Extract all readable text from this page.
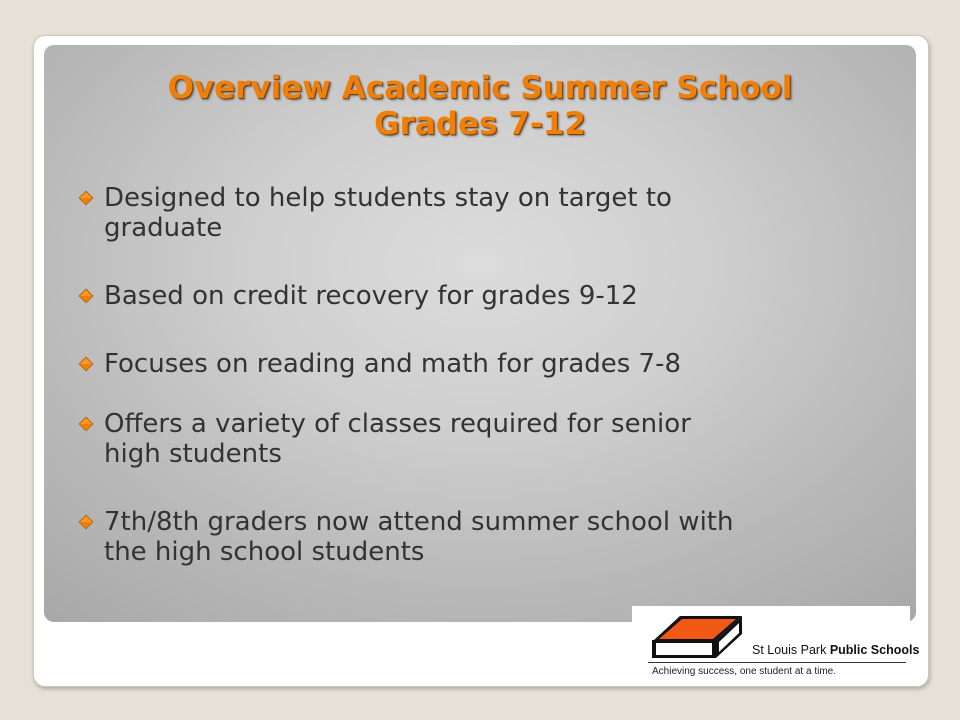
Overview Academic Summer School
Grades 7-12
Designed to help students stay on target to
graduate
Based on credit recovery for grades 9-12
Focuses on reading and math for grades 7-8
Offers a variety of classes required for senior
high students
7th/8th graders now attend summer school with
the high school students
St Louis Park Public Schools
Achieving success, one student at a time.
